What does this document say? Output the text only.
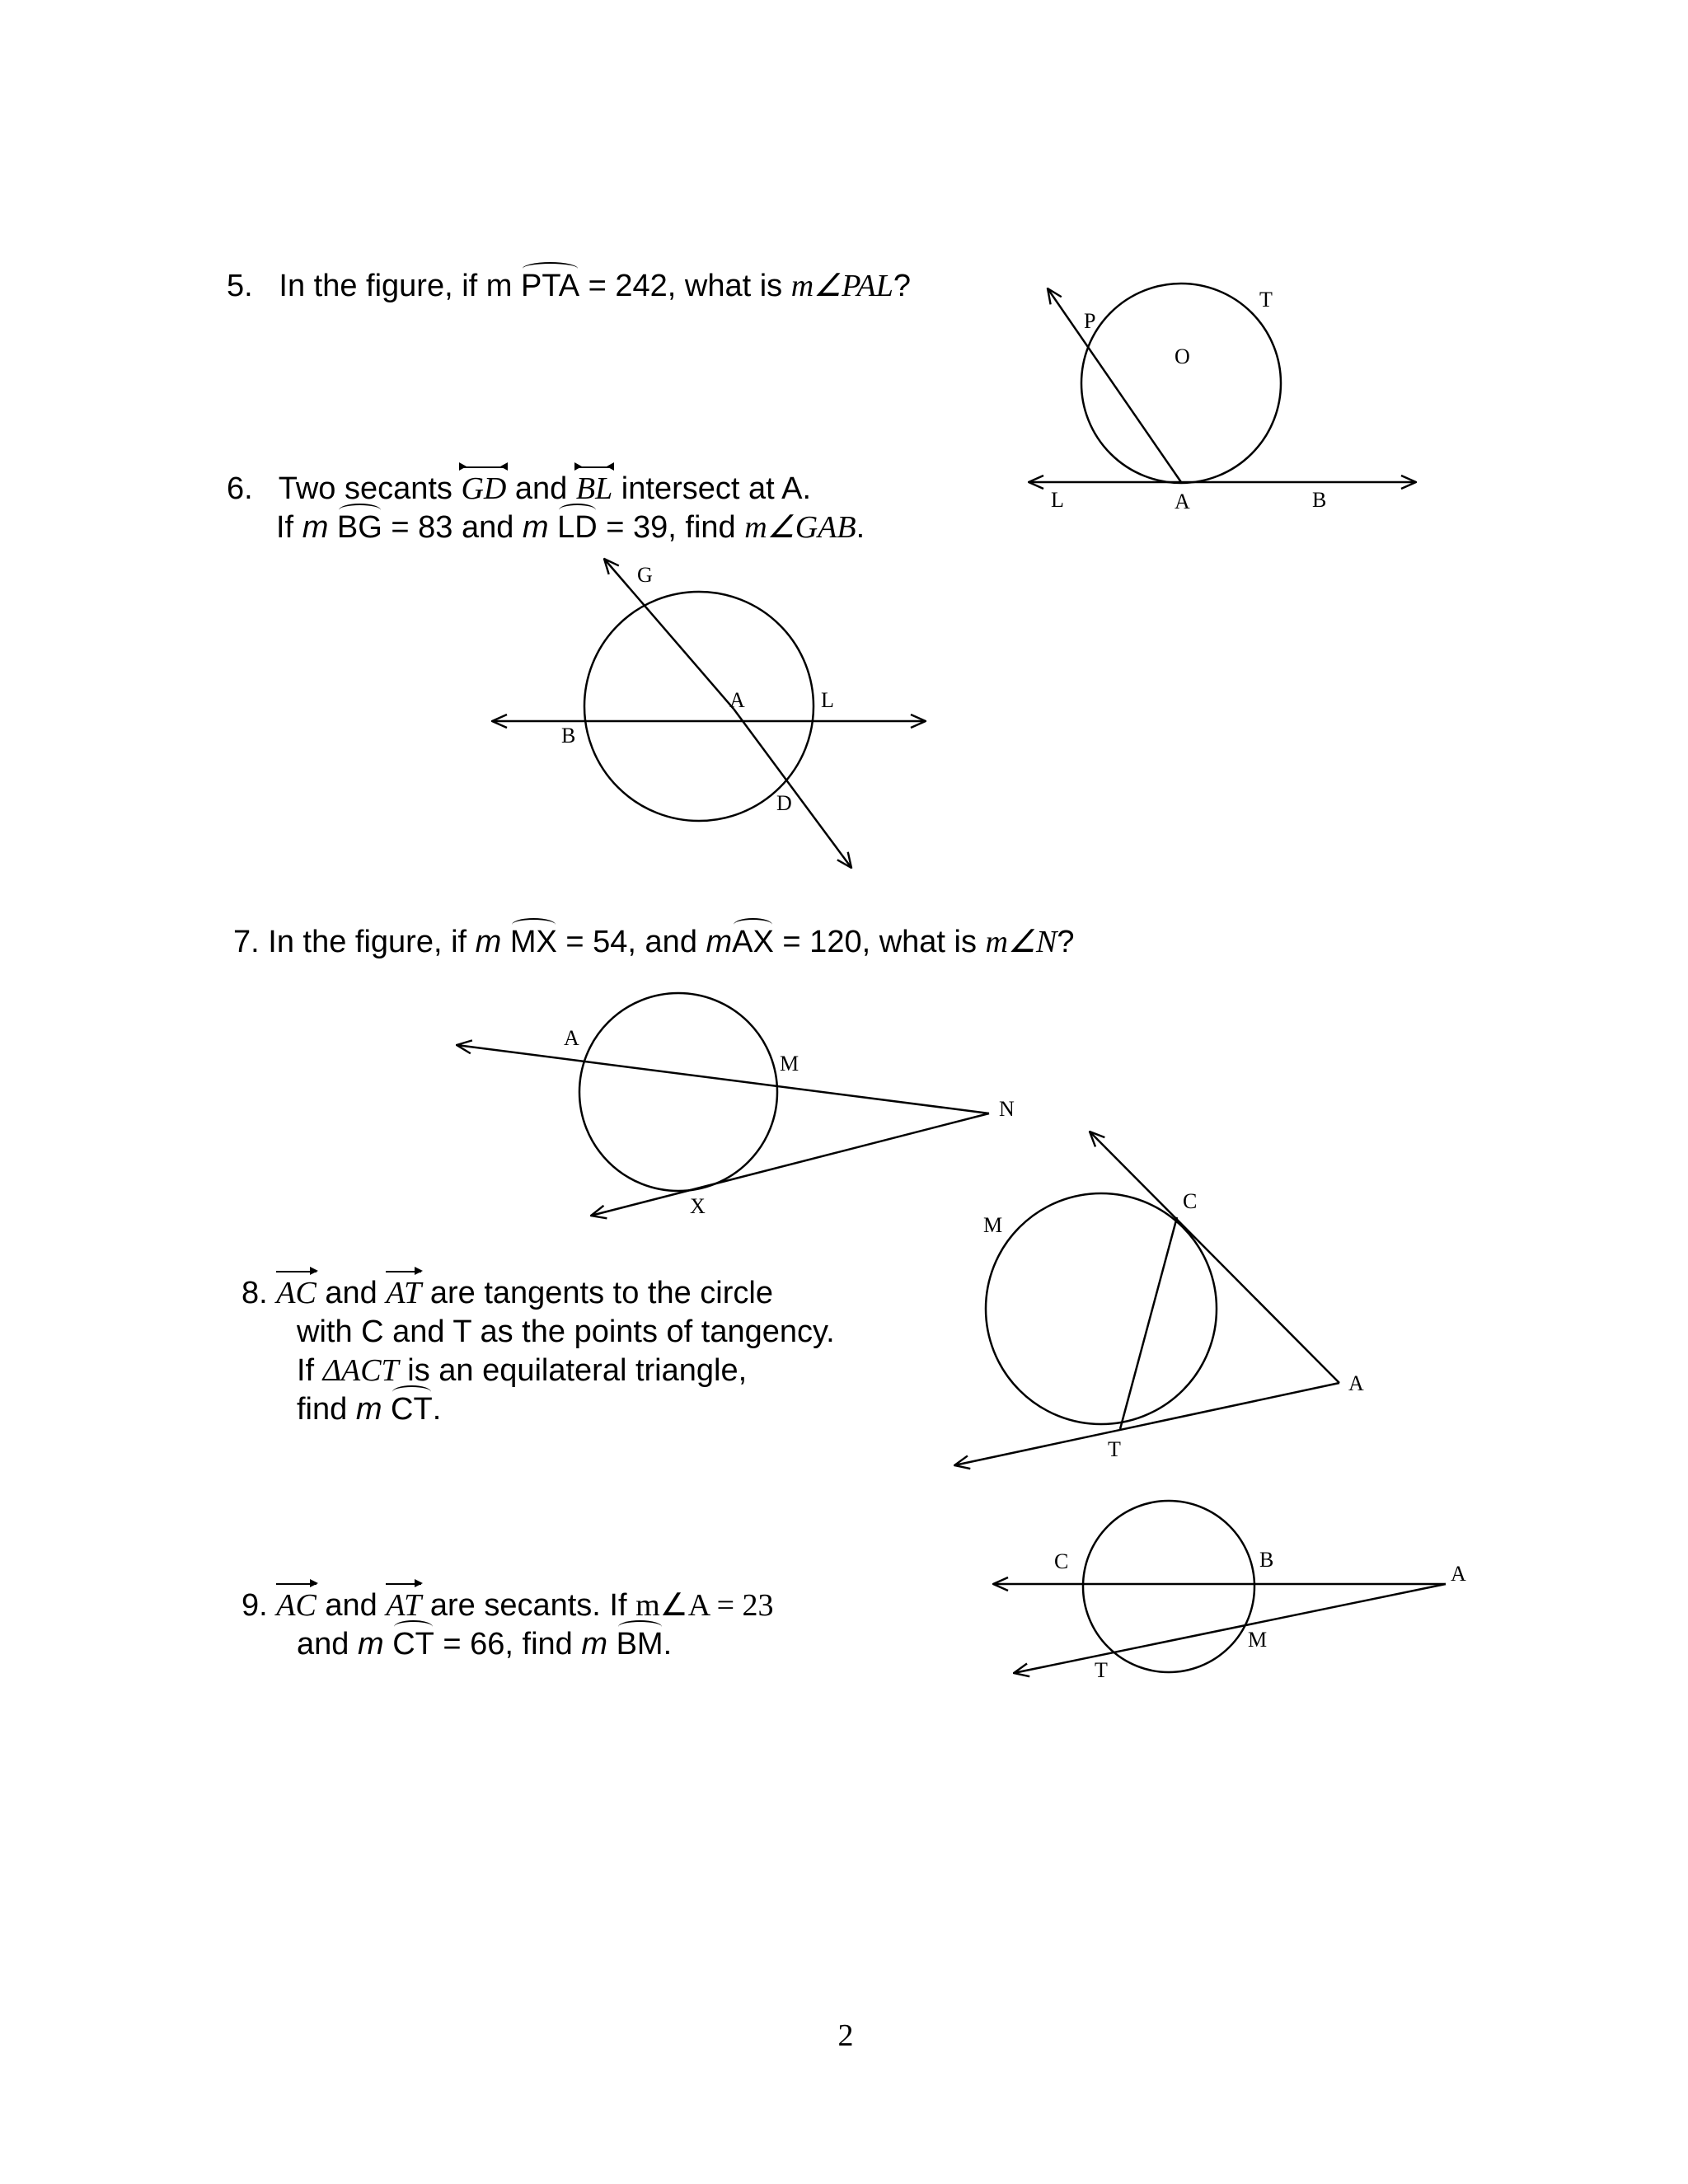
5. In the figure, if m PTA = 242, what is m∠PAL?
6. Two secants GD and BL intersect at A.
If m BG = 83 and m LD = 39, find m∠GAB.
7. In the figure, if m MX = 54, and mAX = 120, what is m∠N?
8. AC and AT are tangents to the circle
with C and T as the points of tangency.
If ΔACT is an equilateral triangle,
find m CT.
9. AC and AT are secants. If m∠A = 23
and m CT = 66, find m BM.
P
T
O
L	A	B
G
A	L
B
D
A
M
N
X
M
C
A
T
C	B
A
M
T
2
